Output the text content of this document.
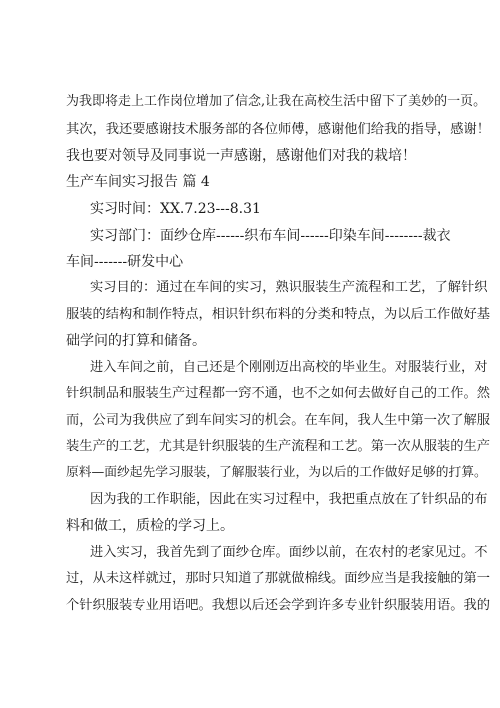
为我即将走上工作岗位增加了信念,让我在高校生活中留下了美妙的一页。
其次，我还要感谢技术服务部的各位师傅，感谢他们给我的指导，感谢！
我也要对领导及同事说一声感谢，感谢他们对我的栽培！
生产车间实习报告 篇 4
实习时间：XX.7.23---8.31
实习部门：面纱仓库------织布车间------印染车间--------裁衣
车间-------研发中心
实习目的：通过在车间的实习，熟识服装生产流程和工艺，了解针织
服装的结构和制作特点，相识针织布料的分类和特点，为以后工作做好基
础学问的打算和储备。
进入车间之前，自己还是个刚刚迈出高校的毕业生。对服装行业，对
针织制品和服装生产过程都一窍不通，也不之如何去做好自己的工作。然
而，公司为我供应了到车间实习的机会。在车间，我人生中第一次了解服
装生产的工艺，尤其是针织服装的生产流程和工艺。第一次从服装的生产
原料—面纱起先学习服装，了解服装行业，为以后的工作做好足够的打算。
因为我的工作职能，因此在实习过程中，我把重点放在了针织品的布
料和做工，质检的学习上。
进入实习，我首先到了面纱仓库。面纱以前，在农村的老家见过。不
过，从未这样就过，那时只知道了那就做棉线。面纱应当是我接触的第一
个针织服装专业用语吧。我想以后还会学到许多专业针织服装用语。我的
